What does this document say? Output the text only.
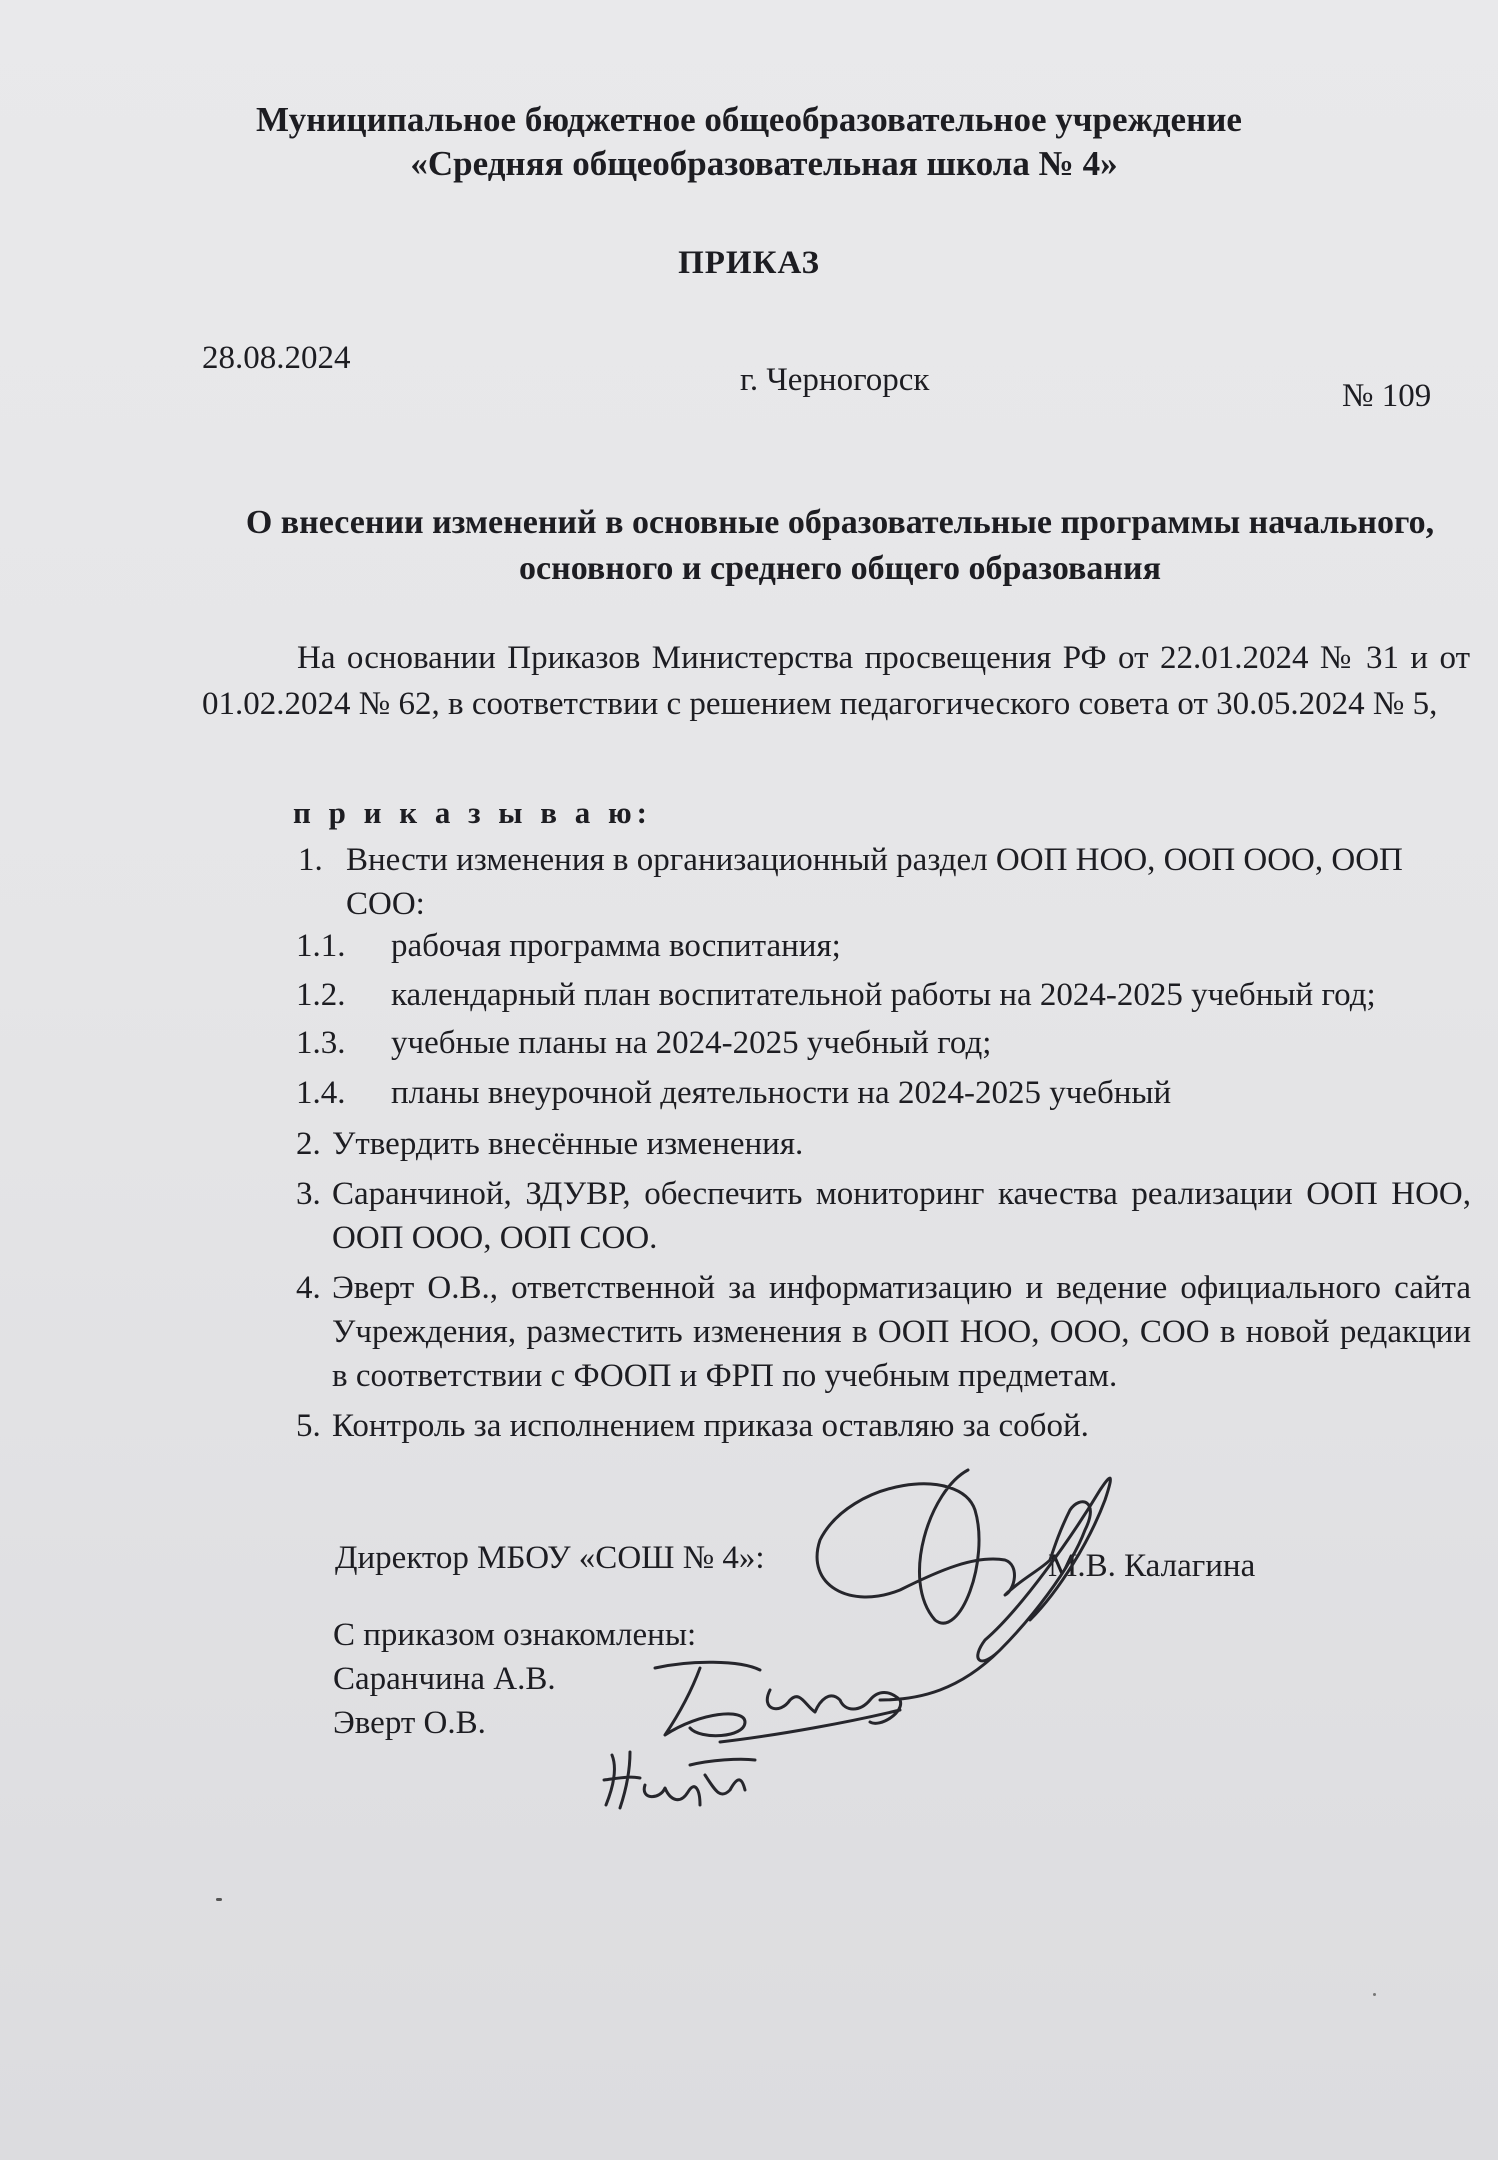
Муниципальное бюджетное общеобразовательное учреждение
«Средняя общеобразовательная школа № 4»
ПРИКАЗ
28.08.2024
г. Черногорск	№ 109
О внесении изменений в основные образовательные программы начального,
основного и среднего общего образования

На основании Приказов Министерства просвещения РФ от 22.01.2024 № 31 и от 01.02.2024 № 62, в соответствии с решением педагогического совета от 30.05.2024 № 5,

п р и к а з ы в а ю:
1. Внести изменения в организационный раздел ООП НОО, ООП ООО, ООП СОО:
1.1. рабочая программа воспитания;
1.2. календарный план воспитательной работы на 2024-2025 учебный год;
1.3. учебные планы на 2024-2025 учебный год;
1.4. планы внеурочной деятельности на 2024-2025 учебный
2. Утвердить внесённые изменения.
3. Саранчиной, ЗДУВР, обеспечить мониторинг качества реализации ООП НОО, ООП ООО, ООП СОО.
4. Эверт О.В., ответственной за информатизацию и ведение официального сайта Учреждения, разместить изменения в ООП НОО, ООО, СОО в новой редакции в соответствии с ФООП и ФРП по учебным предметам.
5. Контроль за исполнением приказа оставляю за собой.
Директор МБОУ «СОШ № 4»:	М.В. Калагина
С приказом ознакомлены:
Саранчина А.В.
Эверт О.В.
